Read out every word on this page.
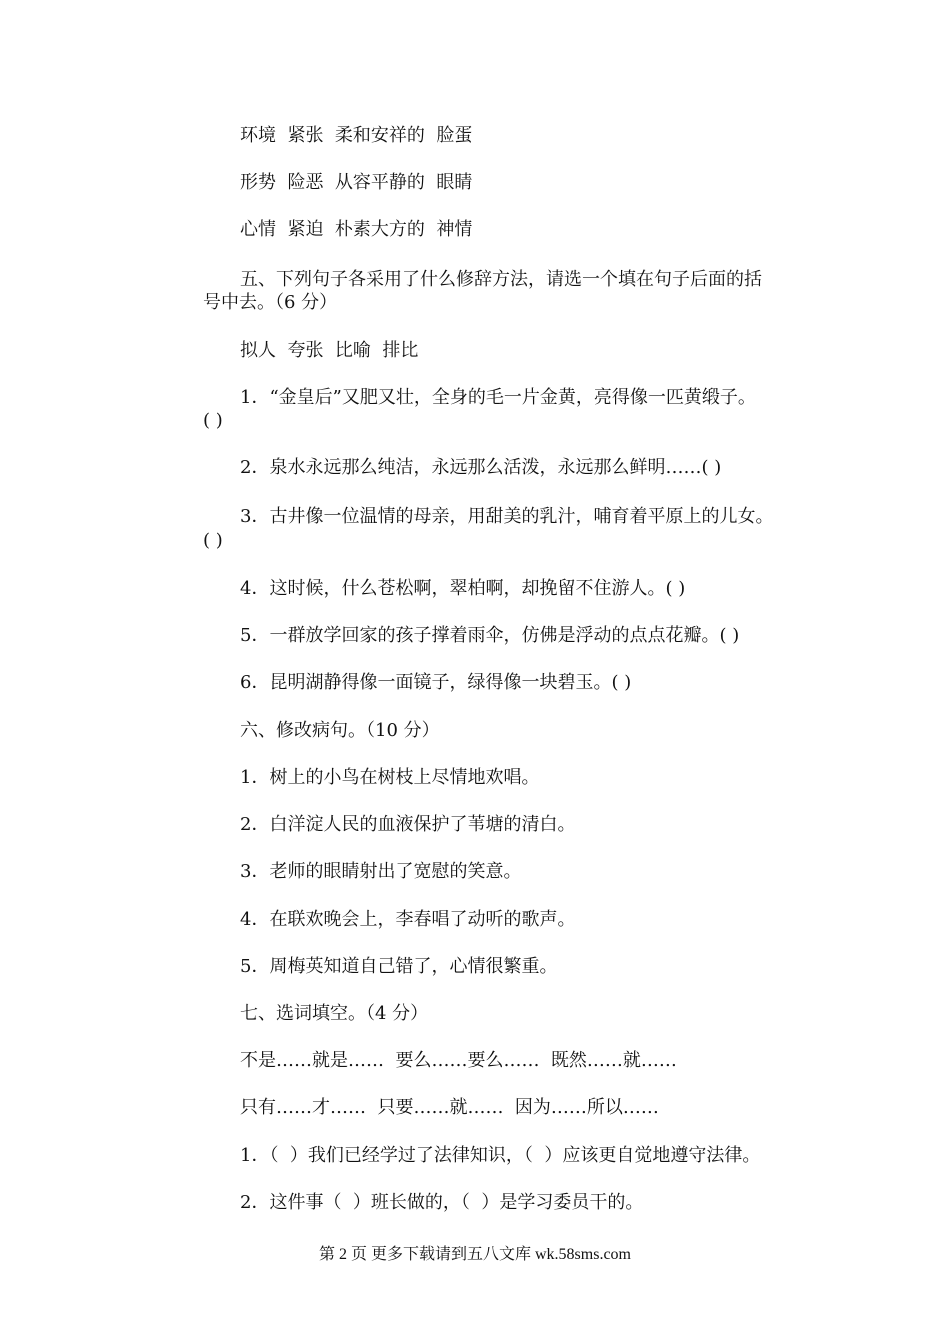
环境  紧张  柔和安祥的  脸蛋
形势  险恶  从容平静的  眼睛
心情  紧迫  朴素大方的  神情
五、下列句子各采用了什么修辞方法，请选一个填在句子后面的括
号中去。（6 分）
拟人  夸张  比喻  排比
1．“金皇后”又肥又壮，全身的毛一片金黄，亮得像一匹黄缎子。
( )
2．泉水永远那么纯洁，永远那么活泼，永远那么鲜明……( )
3．古井像一位温情的母亲，用甜美的乳汁，哺育着平原上的儿女。
( )
4．这时候，什么苍松啊，翠柏啊，却挽留不住游人。( )
5．一群放学回家的孩子撑着雨伞，仿佛是浮动的点点花瓣。( )
6．昆明湖静得像一面镜子，绿得像一块碧玉。( )
六、修改病句。（10 分）
1．树上的小鸟在树枝上尽情地欢唱。
2．白洋淀人民的血液保护了苇塘的清白。
3．老师的眼睛射出了宽慰的笑意。
4．在联欢晚会上，李春唱了动听的歌声。
5．周梅英知道自己错了，心情很繁重。
七、选词填空。（4 分）
不是……就是……  要么……要么……  既然……就……
只有……才……  只要……就……  因为……所以……
1．（  ）我们已经学过了法律知识，（  ）应该更自觉地遵守法律。
2．这件事（  ）班长做的，（  ）是学习委员干的。
第 2 页 更多下载请到五八文库 wk.58sms.com
